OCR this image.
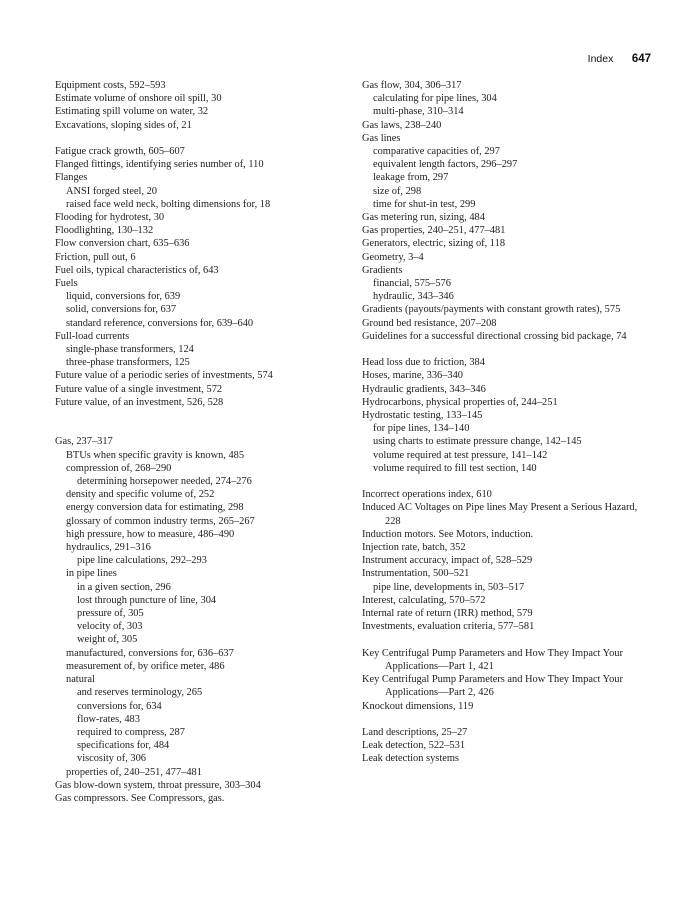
Index 647
Equipment costs, 592–593
Estimate volume of onshore oil spill, 30
Estimating spill volume on water, 32
Excavations, sloping sides of, 21
Fatigue crack growth, 605–607
Flanged fittings, identifying series number of, 110
Flanges
ANSI forged steel, 20
raised face weld neck, bolting dimensions for, 18
Flooding for hydrotest, 30
Floodlighting, 130–132
Flow conversion chart, 635–636
Friction, pull out, 6
Fuel oils, typical characteristics of, 643
Fuels
liquid, conversions for, 639
solid, conversions for, 637
standard reference, conversions for, 639–640
Full-load currents
single-phase transformers, 124
three-phase transformers, 125
Future value of a periodic series of investments, 574
Future value of a single investment, 572
Future value, of an investment, 526, 528
Gas, 237–317
BTUs when specific gravity is known, 485
compression of, 268–290
determining horsepower needed, 274–276
density and specific volume of, 252
energy conversion data for estimating, 298
glossary of common industry terms, 265–267
high pressure, how to measure, 486–490
hydraulics, 291–316
pipe line calculations, 292–293
in pipe lines
in a given section, 296
lost through puncture of line, 304
pressure of, 305
velocity of, 303
weight of, 305
manufactured, conversions for, 636–637
measurement of, by orifice meter, 486
natural
and reserves terminology, 265
conversions for, 634
flow-rates, 483
required to compress, 287
specifications for, 484
viscosity of, 306
properties of, 240–251, 477–481
Gas blow-down system, throat pressure, 303–304
Gas compressors. See Compressors, gas.
Gas flow, 304, 306–317
calculating for pipe lines, 304
multi-phase, 310–314
Gas laws, 238–240
Gas lines
comparative capacities of, 297
equivalent length factors, 296–297
leakage from, 297
size of, 298
time for shut-in test, 299
Gas metering run, sizing, 484
Gas properties, 240–251, 477–481
Generators, electric, sizing of, 118
Geometry, 3–4
Gradients
financial, 575–576
hydraulic, 343–346
Gradients (payouts/payments with constant growth rates), 575
Ground bed resistance, 207–208
Guidelines for a successful directional crossing bid package, 74
Head loss due to friction, 384
Hoses, marine, 336–340
Hydraulic gradients, 343–346
Hydrocarbons, physical properties of, 244–251
Hydrostatic testing, 133–145
for pipe lines, 134–140
using charts to estimate pressure change, 142–145
volume required at test pressure, 141–142
volume required to fill test section, 140
Incorrect operations index, 610
Induced AC Voltages on Pipe lines May Present a Serious Hazard, 228
Induction motors. See Motors, induction.
Injection rate, batch, 352
Instrument accuracy, impact of, 528–529
Instrumentation, 500–521
pipe line, developments in, 503–517
Interest, calculating, 570–572
Internal rate of return (IRR) method, 579
Investments, evaluation criteria, 577–581
Key Centrifugal Pump Parameters and How They Impact Your Applications—Part 1, 421
Key Centrifugal Pump Parameters and How They Impact Your Applications—Part 2, 426
Knockout dimensions, 119
Land descriptions, 25–27
Leak detection, 522–531
Leak detection systems
